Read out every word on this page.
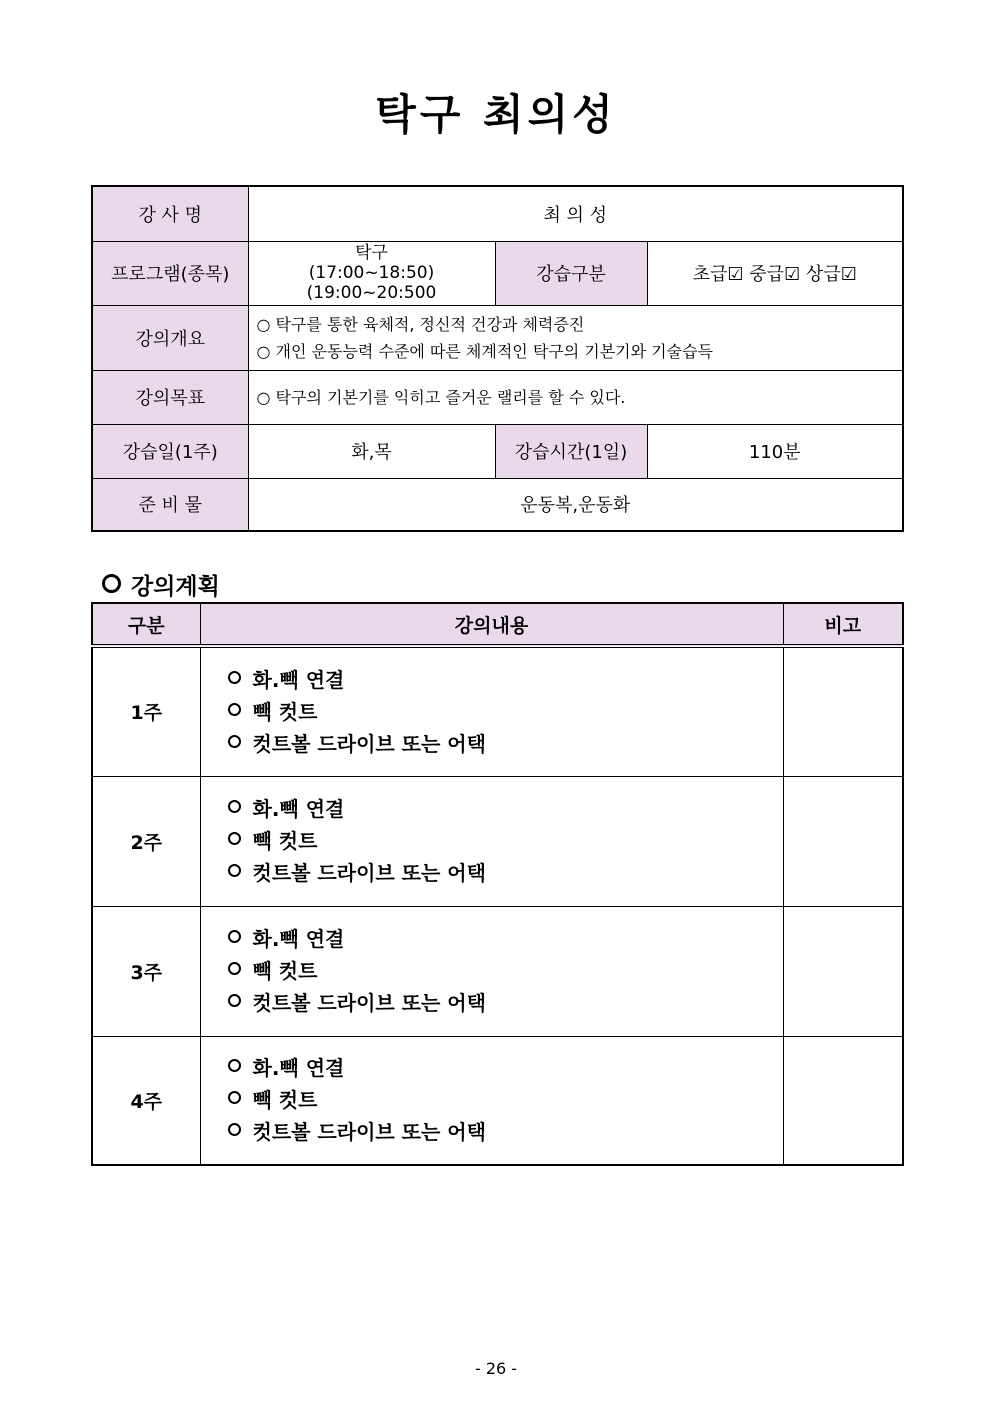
탁구 최의성
강 사 명	최 의 성		
프로그램(종목)	탁구
(17:00~18:50)
(19:00~20:500	강습구분	초급☑ 중급☑ 상급☑
강의개요	○ 탁구를 통한 육체적, 정신적 건강과 체력증진
○ 개인 운동능력 수준에 따른 체계적인 탁구의 기본기와 기술습득		

강의목표	○ 탁구의 기본기를 익히고 즐거운 랠리를 할 수 있다.		
강습일(1주)	화,목	강습시간(1일)	110분
준 비 물	운동복,운동화		
강의계획
구분	강의내용	비고
1주	화.빽 연결
빽 컷트
컷트볼 드라이브 또는 어택	

2주	화.빽 연결
빽 컷트
컷트볼 드라이브 또는 어택	

3주	화.빽 연결
빽 컷트
컷트볼 드라이브 또는 어택	

4주	화.빽 연결
빽 컷트
컷트볼 드라이브 또는 어택	

- 26 -
